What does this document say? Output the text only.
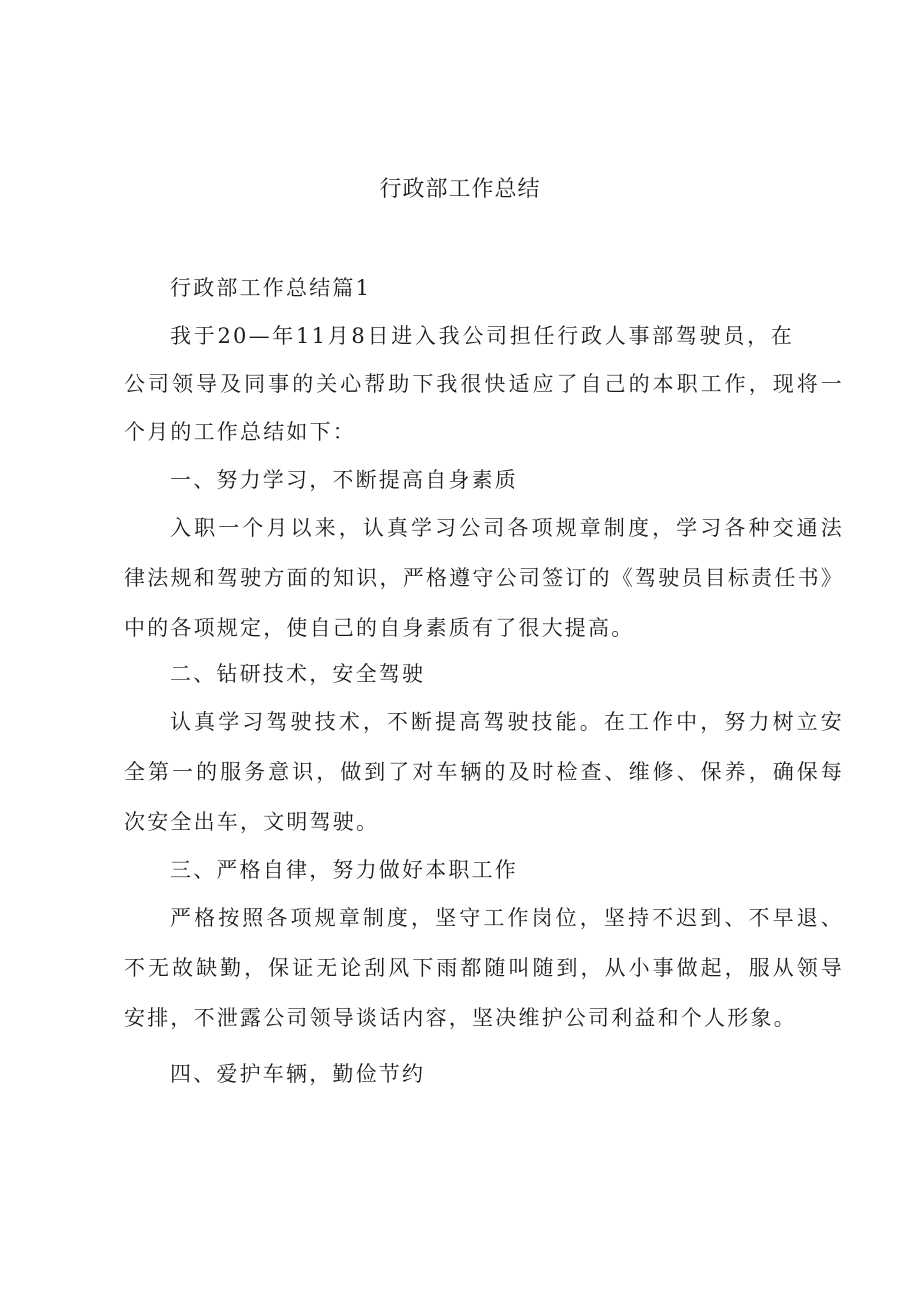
行政部工作总结
行政部工作总结篇1
我于20—年11月8日进入我公司担任行政人事部驾驶员，在
公司领导及同事的关心帮助下我很快适应了自己的本职工作，现将一
个月的工作总结如下：
一、努力学习，不断提高自身素质
入职一个月以来，认真学习公司各项规章制度，学习各种交通法
律法规和驾驶方面的知识，严格遵守公司签订的《驾驶员目标责任书》
中的各项规定，使自己的自身素质有了很大提高。
二、钻研技术，安全驾驶
认真学习驾驶技术，不断提高驾驶技能。在工作中，努力树立安
全第一的服务意识，做到了对车辆的及时检查、维修、保养，确保每
次安全出车，文明驾驶。
三、严格自律，努力做好本职工作
严格按照各项规章制度，坚守工作岗位，坚持不迟到、不早退、
不无故缺勤，保证无论刮风下雨都随叫随到，从小事做起，服从领导
安排，不泄露公司领导谈话内容，坚决维护公司利益和个人形象。
四、爱护车辆，勤俭节约
